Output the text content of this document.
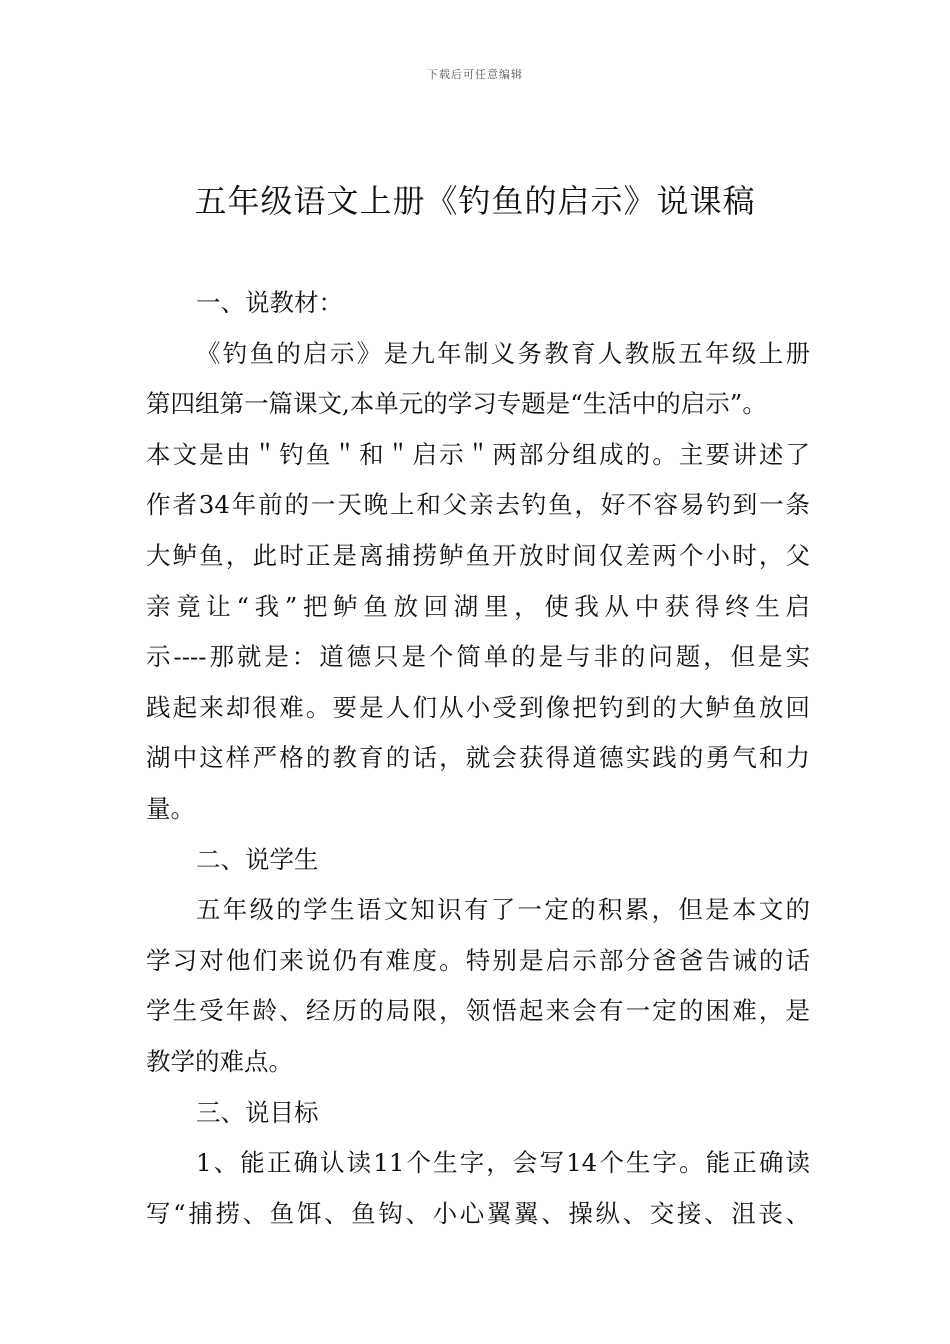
下载后可任意编辑
五年级语文上册《钓鱼的启示》说课稿
一、说教材：
《钓鱼的启示》是九年制义务教育人教版五年级上册
第四组第一篇课文,本单元的学习专题是“生活中的启示”。
本文是由＂钓鱼＂和＂启示＂两部分组成的。主要讲述了
作者34年前的一天晚上和父亲去钓鱼，好不容易钓到一条
大鲈鱼，此时正是离捕捞鲈鱼开放时间仅差两个小时，父
亲竟让“我”把鲈鱼放回湖里，使我从中获得终生启
示----那就是：道德只是个简单的是与非的问题，但是实
践起来却很难。要是人们从小受到像把钓到的大鲈鱼放回
湖中这样严格的教育的话，就会获得道德实践的勇气和力
量。
二、说学生
五年级的学生语文知识有了一定的积累，但是本文的
学习对他们来说仍有难度。特别是启示部分爸爸告诫的话
学生受年龄、经历的局限，领悟起来会有一定的困难，是
教学的难点。
三、说目标
1、能正确认读11个生字，会写14个生字。能正确读
写“捕捞、鱼饵、鱼钩、小心翼翼、操纵、交接、沮丧、
